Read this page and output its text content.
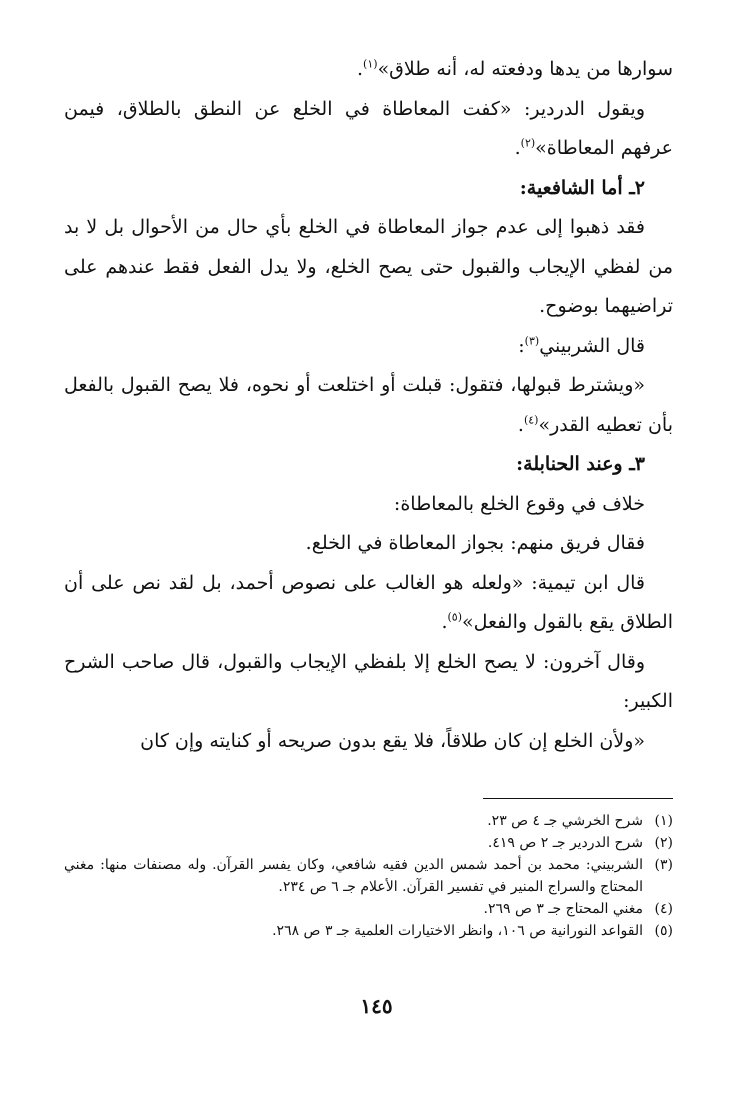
سوارها من يدها ودفعته له، أنه طلاق»$^{(١)}$.

ويقول الدردير: «كفت المعاطاة في الخلع عن النطق بالطلاق، فيمن عرفهم المعاطاة»$^{(٢)}$.

٢ـ أما الشافعية:

فقد ذهبوا إلى عدم جواز المعاطاة في الخلع بأي حال من الأحوال بل لا بد من لفظي الإيجاب والقبول حتى يصح الخلع، ولا يدل الفعل فقط عندهم على تراضيهما بوضوح.

قال الشربيني$^{(٣)}$:

«ويشترط قبولها، فتقول: قبلت أو اختلعت أو نحوه، فلا يصح القبول بالفعل بأن تعطيه القدر»$^{(٤)}$.

٣ـ وعند الحنابلة:

خلاف في وقوع الخلع بالمعاطاة:

فقال فريق منهم: بجواز المعاطاة في الخلع.

قال ابن تيمية: «ولعله هو الغالب على نصوص أحمد، بل لقد نص على أن الطلاق يقع بالقول والفعل»$^{(٥)}$.

وقال آخرون: لا يصح الخلع إلا بلفظي الإيجاب والقبول، قال صاحب الشرح الكبير:

«ولأن الخلع إن كان طلاقاً، فلا يقع بدون صريحه أو كنايته وإن كان

(١)
شرح الخرشي جـ ٤ ص ٢٣.
(٢)
شرح الدردير جـ ٢ ص ٤١٩.
(٣)
الشربيني: محمد بن أحمد شمس الدين فقيه شافعي، وكان يفسر القرآن. وله مصنفات منها: مغني المحتاج والسراج المنير في تفسير القرآن. الأعلام جـ ٦ ص ٢٣٤.
(٤)
مغني المحتاج جـ ٣ ص ٢٦٩.
(٥)
القواعد النورانية ص ١٠٦، وانظر الاختيارات العلمية جـ ٣ ص ٢٦٨.
١٤٥
